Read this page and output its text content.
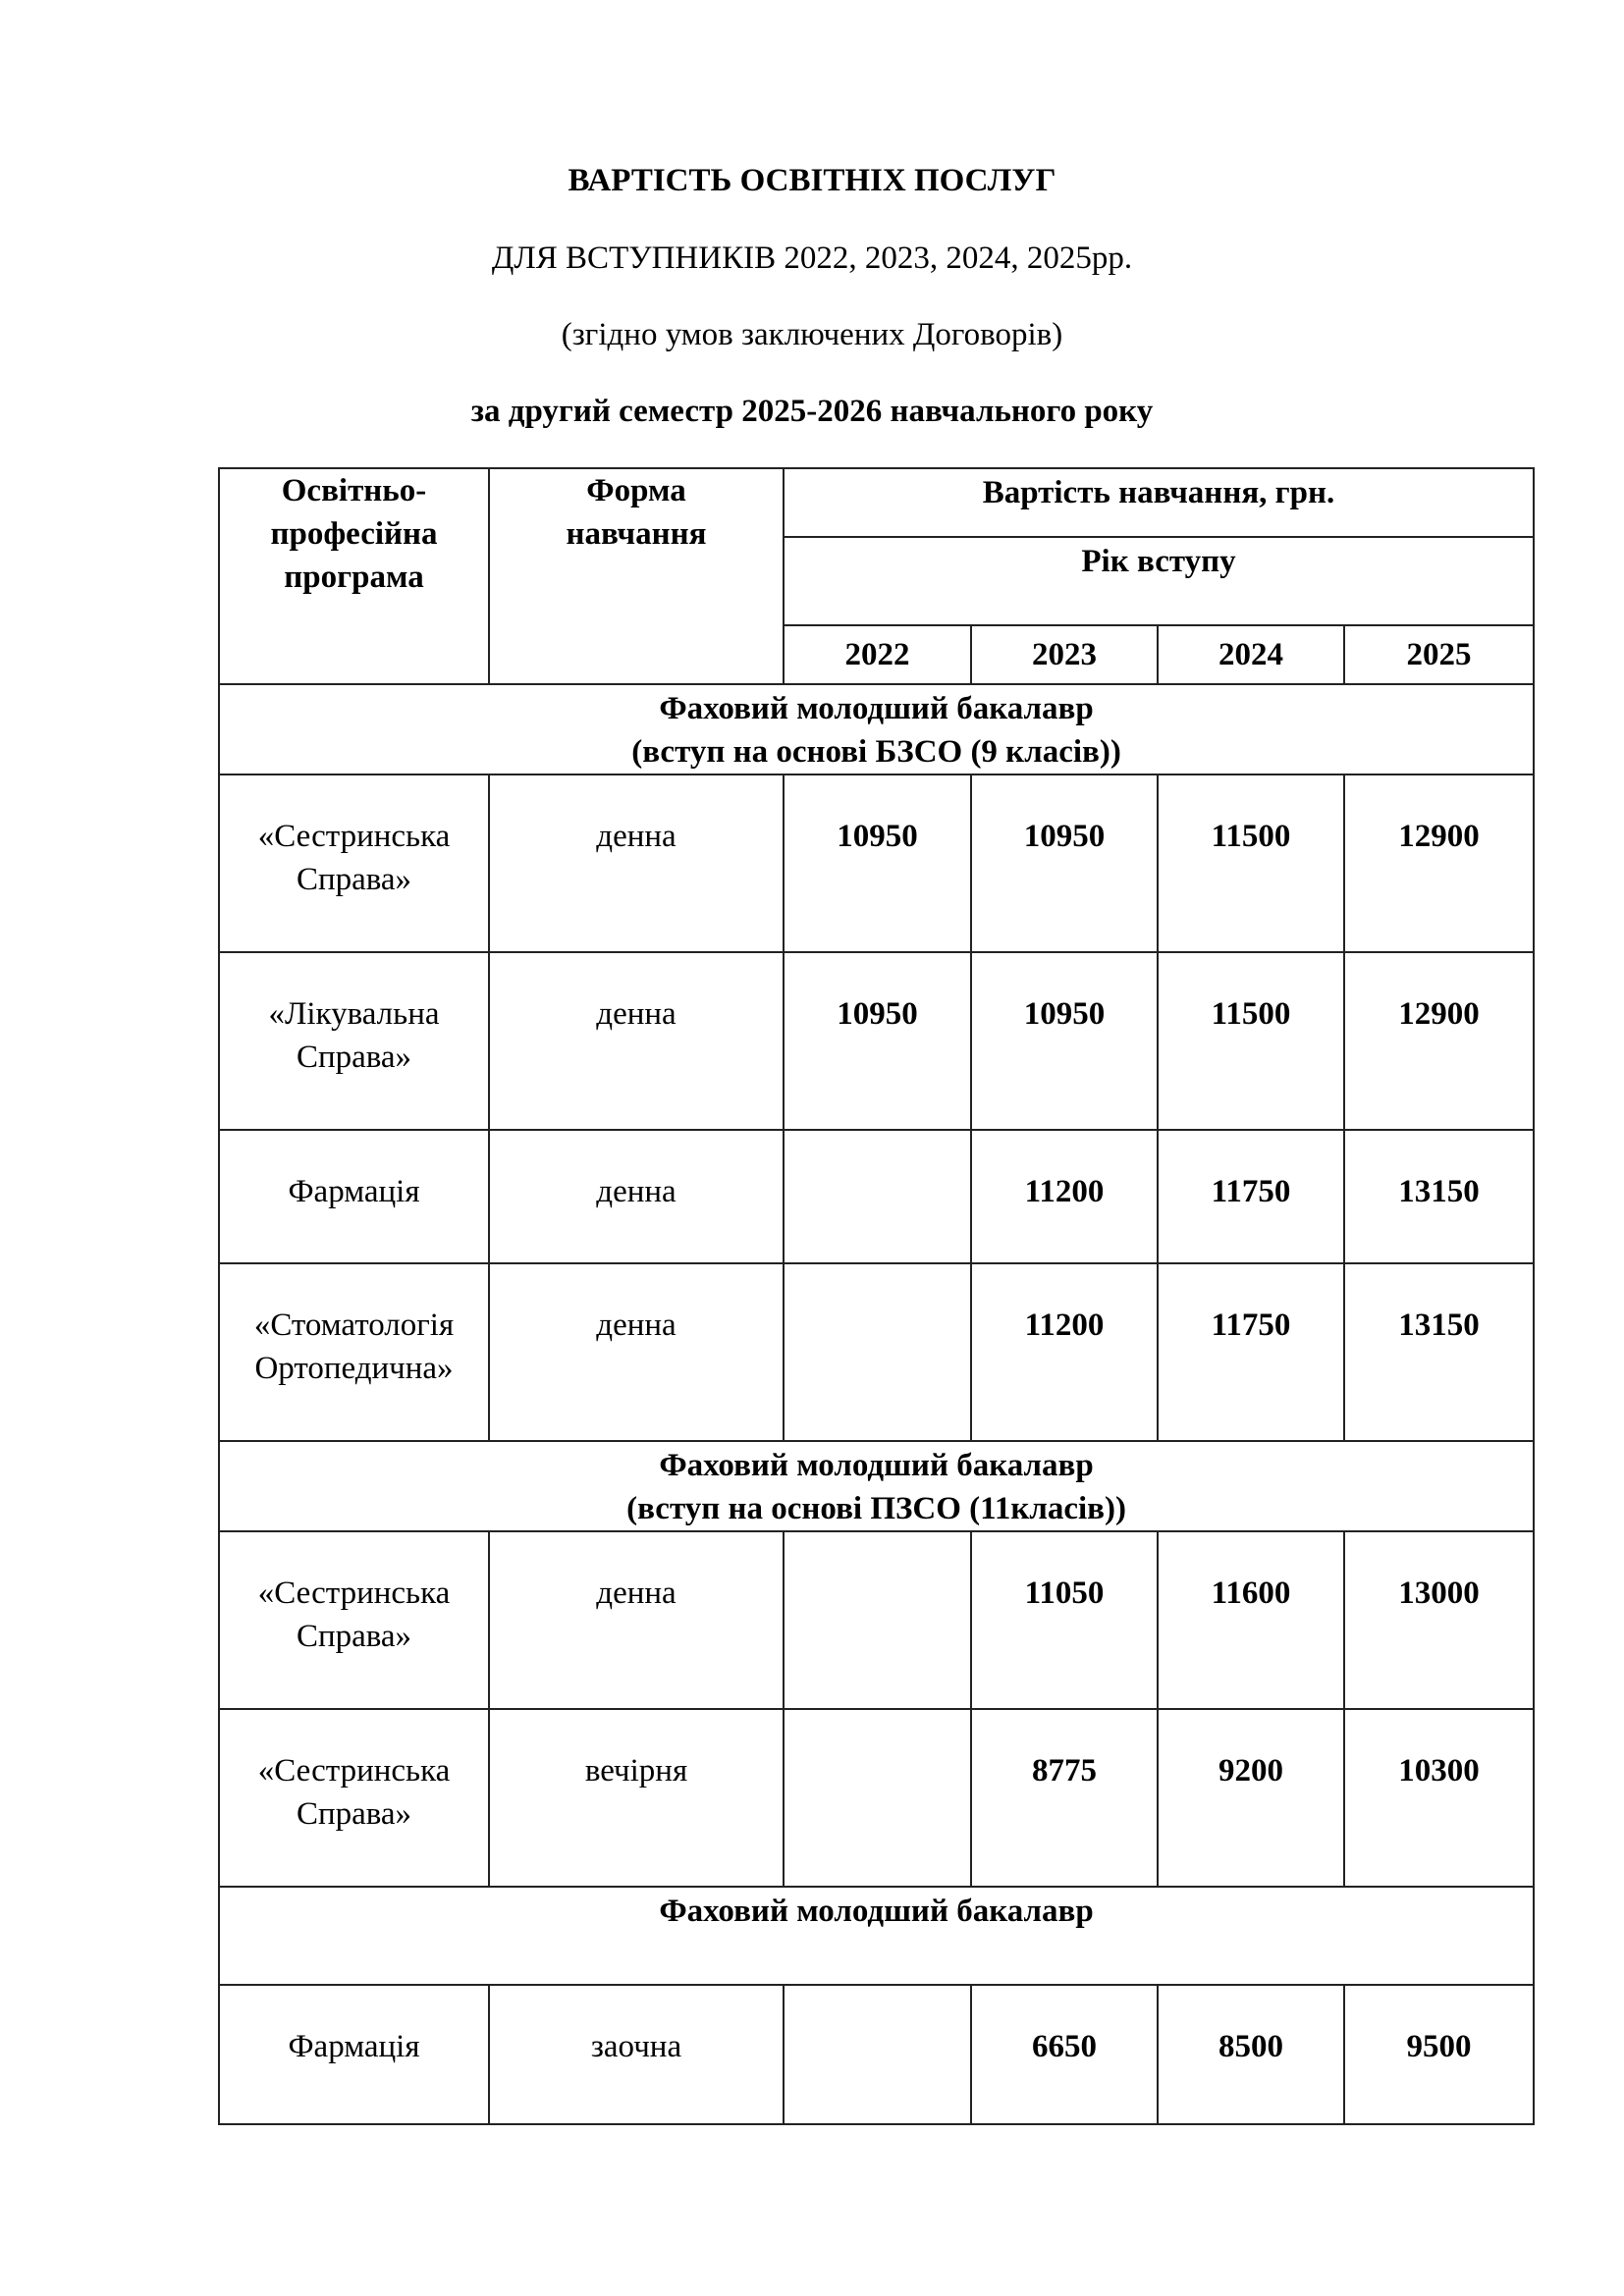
ВАРТІСТЬ ОСВІТНІХ ПОСЛУГ
ДЛЯ ВСТУПНИКІВ 2022, 2023, 2024, 2025рр.
(згідно умов заключених Договорів)
за другий семестр 2025-2026 навчального року
Освітньо-професійна програма	Форма навчання	Вартість навчання, грн.			
		Рік вступу			
		2022	2023	2024	2025

Фаховий молодший бакалавр
(вступ на основі БЗСО (9 класів))					

«Сестринська Справа»	денна	10950	10950	11500	12900
«Лікувальна Справа»	денна	10950	10950	11500	12900
Фармація	денна		11200	11750	13150
«Стоматологія Ортопедична»	денна		11200	11750	13150

Фаховий молодший бакалавр
(вступ на основі ПЗСО (11класів))					

«Сестринська Справа»	денна		11050	11600	13000
«Сестринська Справа»	вечірня		8775	9200	10300

Фаховий молодший бакалавр					

Фармація	заочна		6650	8500	9500
